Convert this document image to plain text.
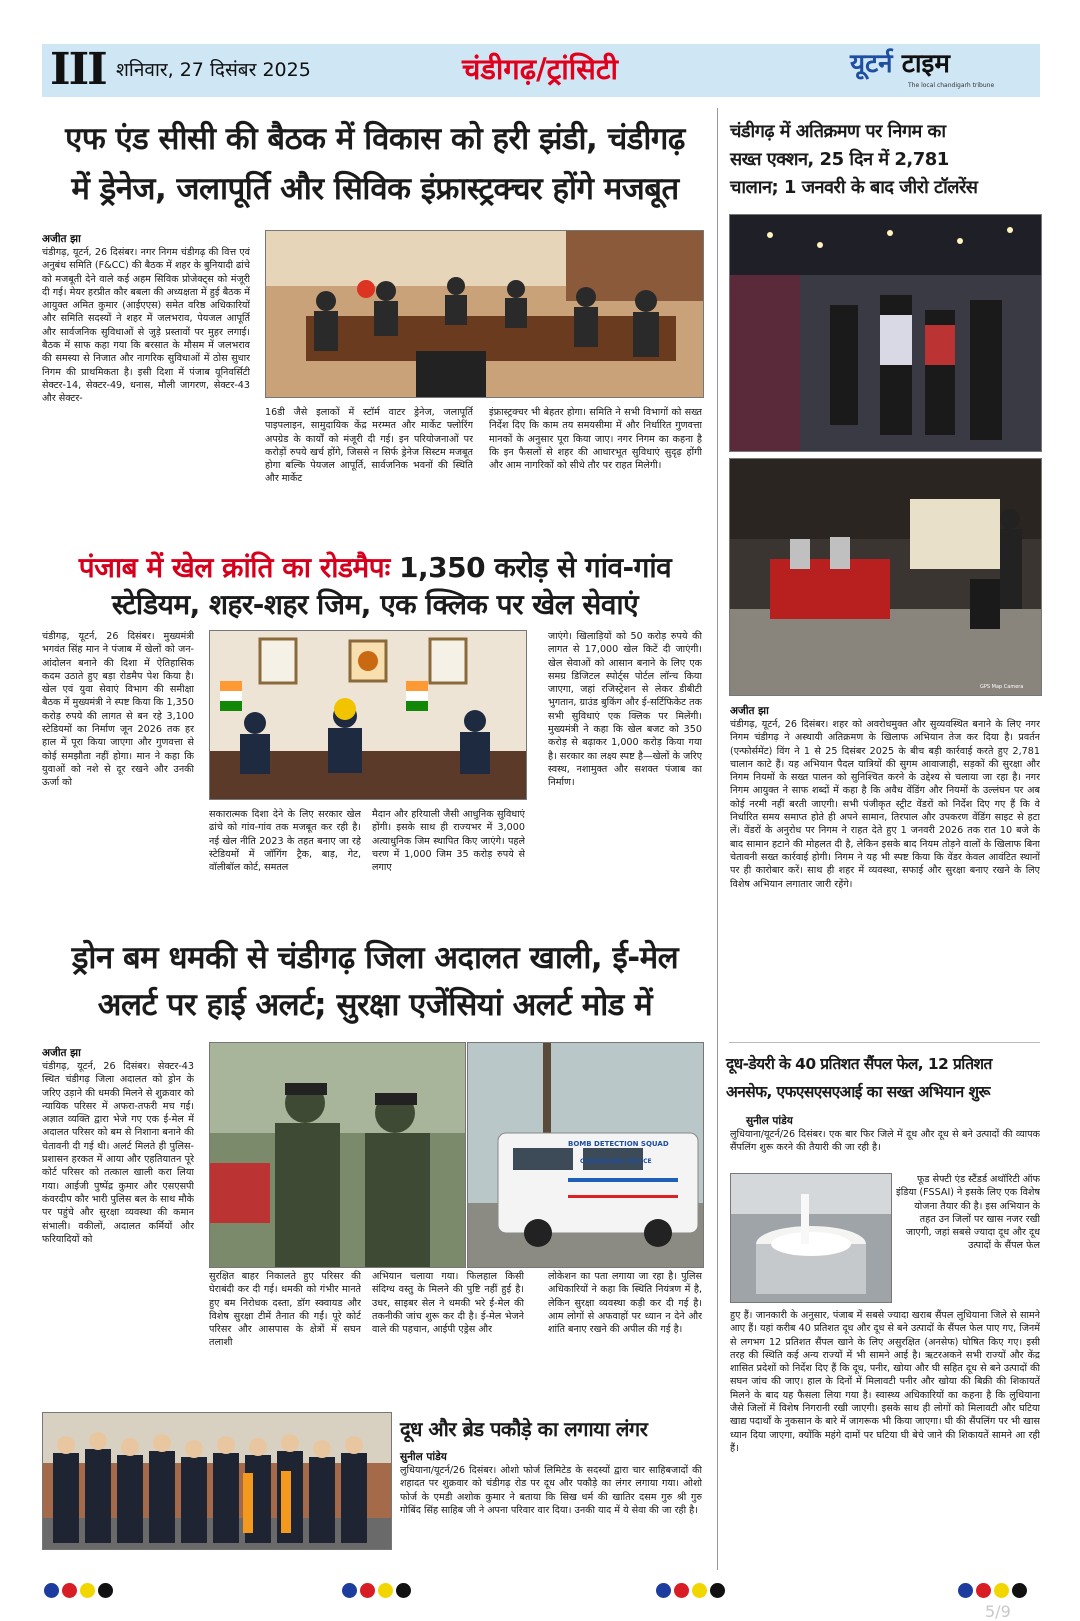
III शनिवार, 27 दिसंबर 2025	चंडीगढ़/ट्रांसिटी	यूटर्न टाइम
The local chandigarh tribune
एफ एंड सीसी की बैठक में विकास को हरी झंडी, चंडीगढ़
में ड्रेनेज, जलापूर्ति और सिविक इंफ्रास्ट्रक्चर होंगे मजबूत
अजीत झा
चंडीगढ़, यूटर्न, 26 दिसंबर। नगर निगम चंडीगढ़ की वित्त एवं अनुबंध समिति (F&CC) की बैठक में शहर के बुनियादी ढांचे को मजबूती देने वाले कई अहम सिविक प्रोजेक्ट्स को मंजूरी दी गई। मेयर हरप्रीत कौर बबला की अध्यक्षता में हुई बैठक में आयुक्त अमित कुमार (आईएएस) समेत वरिष्ठ अधिकारियों और समिति सदस्यों ने शहर में जलभराव, पेयजल आपूर्ति और सार्वजनिक सुविधाओं से जुड़े प्रस्तावों पर मुहर लगाई। बैठक में साफ कहा गया कि बरसात के मौसम में जलभराव की समस्या से निजात और नागरिक सुविधाओं में ठोस सुधार निगम की प्राथमिकता है। इसी दिशा में पंजाब यूनिवर्सिटी सेक्टर-14, सेक्टर-49, धनास, मौली जागरण, सेक्टर-43 और सेक्टर-
16डी जैसे इलाकों में स्टॉर्म वाटर ड्रेनेज, जलापूर्ति पाइपलाइन, सामुदायिक केंद्र मरम्मत और मार्केट फ्लोरिंग अपग्रेड के कार्यों को मंजूरी दी गई। इन परियोजनाओं पर करोड़ों रुपये खर्च होंगे, जिससे न सिर्फ ड्रेनेज सिस्टम मजबूत होगा बल्कि पेयजल आपूर्ति, सार्वजनिक भवनों की स्थिति और मार्केट
इंफ्रास्ट्रक्चर भी बेहतर होगा। समिति ने सभी विभागों को सख्त निर्देश दिए कि काम तय समयसीमा में और निर्धारित गुणवत्ता मानकों के अनुसार पूरा किया जाए। नगर निगम का कहना है कि इन फैसलों से शहर की आधारभूत सुविधाएं सुदृढ़ होंगी और आम नागरिकों को सीधे तौर पर राहत मिलेगी।
पंजाब में खेल क्रांति का रोडमैपः 1,350 करोड़ से गांव-गांव
स्टेडियम, शहर-शहर जिम, एक क्लिक पर खेल सेवाएं
चंडीगढ़, यूटर्न, 26 दिसंबर। मुख्यमंत्री भगवंत सिंह मान ने पंजाब में खेलों को जन-आंदोलन बनाने की दिशा में ऐतिहासिक कदम उठाते हुए बड़ा रोडमैप पेश किया है। खेल एवं युवा सेवाएं विभाग की समीक्षा बैठक में मुख्यमंत्री ने स्पष्ट किया कि 1,350 करोड़ रुपये की लागत से बन रहे 3,100 स्टेडियमों का निर्माण जून 2026 तक हर हाल में पूरा किया जाएगा और गुणवत्ता से कोई समझौता नहीं होगा। मान ने कहा कि युवाओं को नशे से दूर रखने और उनकी ऊर्जा को
सकारात्मक दिशा देने के लिए सरकार खेल ढांचे को गांव-गांव तक मजबूत कर रही है। नई खेल नीति 2023 के तहत बनाए जा रहे स्टेडियमों में जॉगिंग ट्रैक, बाड़, गेट, वॉलीबॉल कोर्ट, समतल
मैदान और हरियाली जैसी आधुनिक सुविधाएं होंगी। इसके साथ ही राज्यभर में 3,000 अत्याधुनिक जिम स्थापित किए जाएंगे। पहले चरण में 1,000 जिम 35 करोड़ रुपये से लगाए
जाएंगे। खिलाड़ियों को 50 करोड़ रुपये की लागत से 17,000 खेल किटें दी जाएंगी। खेल सेवाओं को आसान बनाने के लिए एक समग्र डिजिटल स्पोर्ट्स पोर्टल लॉन्च किया जाएगा, जहां रजिस्ट्रेशन से लेकर डीबीटी भुगतान, ग्राउंड बुकिंग और ई-सर्टिफिकेट तक सभी सुविधाएं एक क्लिक पर मिलेंगी। मुख्यमंत्री ने कहा कि खेल बजट को 350 करोड़ से बढ़ाकर 1,000 करोड़ किया गया है। सरकार का लक्ष्य स्पष्ट है—खेलों के जरिए स्वस्थ, नशामुक्त और सशक्त पंजाब का निर्माण।
ड्रोन बम धमकी से चंडीगढ़ जिला अदालत खाली, ई-मेल
अलर्ट पर हाई अलर्ट; सुरक्षा एजेंसियां अलर्ट मोड में
अजीत झा
चंडीगढ़, यूटर्न, 26 दिसंबर। सेक्टर-43 स्थित चंडीगढ़ जिला अदालत को ड्रोन के जरिए उड़ाने की धमकी मिलने से शुक्रवार को न्यायिक परिसर में अफरा-तफरी मच गई। अज्ञात व्यक्ति द्वारा भेजे गए एक ई-मेल में अदालत परिसर को बम से निशाना बनाने की चेतावनी दी गई थी। अलर्ट मिलते ही पुलिस-प्रशासन हरकत में आया और एहतियातन पूरे कोर्ट परिसर को तत्काल खाली करा लिया गया। आईजी पुष्पेंद्र कुमार और एसएसपी कंवरदीप कौर भारी पुलिस बल के साथ मौके पर पहुंचे और सुरक्षा व्यवस्था की कमान संभाली। वकीलों, अदालत कर्मियों और फरियादियों को
BOMB DETECTION SQUAD
CHANDIGARH POLICE
सुरक्षित बाहर निकालते हुए परिसर की घेराबंदी कर दी गई। धमकी को गंभीर मानते हुए बम निरोधक दस्ता, डॉग स्क्वायड और विशेष सुरक्षा टीमें तैनात की गईं। पूरे कोर्ट परिसर और आसपास के क्षेत्रों में सघन तलाशी
अभियान चलाया गया। फिलहाल किसी संदिग्ध वस्तु के मिलने की पुष्टि नहीं हुई है। उधर, साइबर सेल ने धमकी भरे ई-मेल की तकनीकी जांच शुरू कर दी है। ई-मेल भेजने वाले की पहचान, आईपी एड्रेस और
लोकेशन का पता लगाया जा रहा है। पुलिस अधिकारियों ने कहा कि स्थिति नियंत्रण में है, लेकिन सुरक्षा व्यवस्था कड़ी कर दी गई है। आम लोगों से अफवाहों पर ध्यान न देने और शांति बनाए रखने की अपील की गई है।
दूध और ब्रेड पकौड़े का लगाया लंगर
सुनील पांडेय
लुधियाना/यूटर्न/26 दिसंबर। ओशो फोर्ज लिमिटेड के सदस्यों द्वारा चार साहिबजादों की शहादत पर शुक्रवार को चंडीगढ़ रोड पर दूध और पकौड़े का लंगर लगाया गया। ओशो फोर्ज के एमडी अशोक कुमार ने बताया कि सिख धर्म की खातिर दसम गुरु श्री गुरु गोबिंद सिंह साहिब जी ने अपना परिवार वार दिया। उनकी याद में ये सेवा की जा रही है।
चंडीगढ़ में अतिक्रमण पर निगम का
सख्त एक्शन, 25 दिन में 2,781
चालान; 1 जनवरी के बाद जीरो टॉलरेंस
GPS Map Camera
अजीत झा
चंडीगढ़, यूटर्न, 26 दिसंबर। शहर को अवरोधमुक्त और सुव्यवस्थित बनाने के लिए नगर निगम चंडीगढ़ ने अस्थायी अतिक्रमण के खिलाफ अभियान तेज कर दिया है। प्रवर्तन (एन्फोर्समेंट) विंग ने 1 से 25 दिसंबर 2025 के बीच बड़ी कार्रवाई करते हुए 2,781 चालान काटे हैं। यह अभियान पैदल यात्रियों की सुगम आवाजाही, सड़कों की सुरक्षा और निगम नियमों के सख्त पालन को सुनिश्चित करने के उद्देश्य से चलाया जा रहा है। नगर निगम आयुक्त ने साफ शब्दों में कहा है कि अवैध वेंडिंग और नियमों के उल्लंघन पर अब कोई नरमी नहीं बरती जाएगी। सभी पंजीकृत स्ट्रीट वेंडरों को निर्देश दिए गए हैं कि वे निर्धारित समय समाप्त होते ही अपने सामान, तिरपाल और उपकरण वेंडिंग साइट से हटा लें। वेंडरों के अनुरोध पर निगम ने राहत देते हुए 1 जनवरी 2026 तक रात 10 बजे के बाद सामान हटाने की मोहलत दी है, लेकिन इसके बाद नियम तोड़ने वालों के खिलाफ बिना चेतावनी सख्त कार्रवाई होगी। निगम ने यह भी स्पष्ट किया कि वेंडर केवल आवंटित स्थानों पर ही कारोबार करें। साथ ही शहर में व्यवस्था, सफाई और सुरक्षा बनाए रखने के लिए विशेष अभियान लगातार जारी रहेंगे।
दूध-डेयरी के 40 प्रतिशत सैंपल फेल, 12 प्रतिशत
अनसेफ, एफएसएसएआई का सख्त अभियान शुरू
सुनील पांडेय
लुधियाना/यूटर्न/26 दिसंबर। एक बार फिर जिले में दूध और दूध से बने उत्पादों की व्यापक सैंपलिंग शुरू करने की तैयारी की जा रही है।
फूड सेफ्टी एंड स्टैंडर्ड अथॉरिटी ऑफ इंडिया (FSSAI) ने इसके लिए एक विशेष योजना तैयार की है। इस अभियान के तहत उन जिलों पर खास नजर रखी जाएगी, जहां सबसे ज्यादा दूध और दूध उत्पादों के सैंपल फेल
हुए हैं। जानकारी के अनुसार, पंजाब में सबसे ज्यादा खराब सैंपल लुधियाना जिले से सामने आए हैं। यहां करीब 40 प्रतिशत दूध और दूध से बने उत्पादों के सैंपल फेल पाए गए, जिनमें से लगभग 12 प्रतिशत सैंपल खाने के लिए असुरक्षित (अनसेफ) घोषित किए गए। इसी तरह की स्थिति कई अन्य राज्यों में भी सामने आई है। ऋटरअकने सभी राज्यों और केंद्र शासित प्रदेशों को निर्देश दिए हैं कि दूध, पनीर, खोया और घी सहित दूध से बने उत्पादों की सघन जांच की जाए। हाल के दिनों में मिलावटी पनीर और खोया की बिक्री की शिकायतें मिलने के बाद यह फैसला लिया गया है। स्वास्थ्य अधिकारियों का कहना है कि लुधियाना जैसे जिलों में विशेष निगरानी रखी जाएगी। इसके साथ ही लोगों को मिलावटी और घटिया खाद्य पदार्थों के नुकसान के बारे में जागरूक भी किया जाएगा। घी की सैंपलिंग पर भी खास ध्यान दिया जाएगा, क्योंकि महंगे दामों पर घटिया घी बेचे जाने की शिकायतें सामने आ रही हैं।
5/9
